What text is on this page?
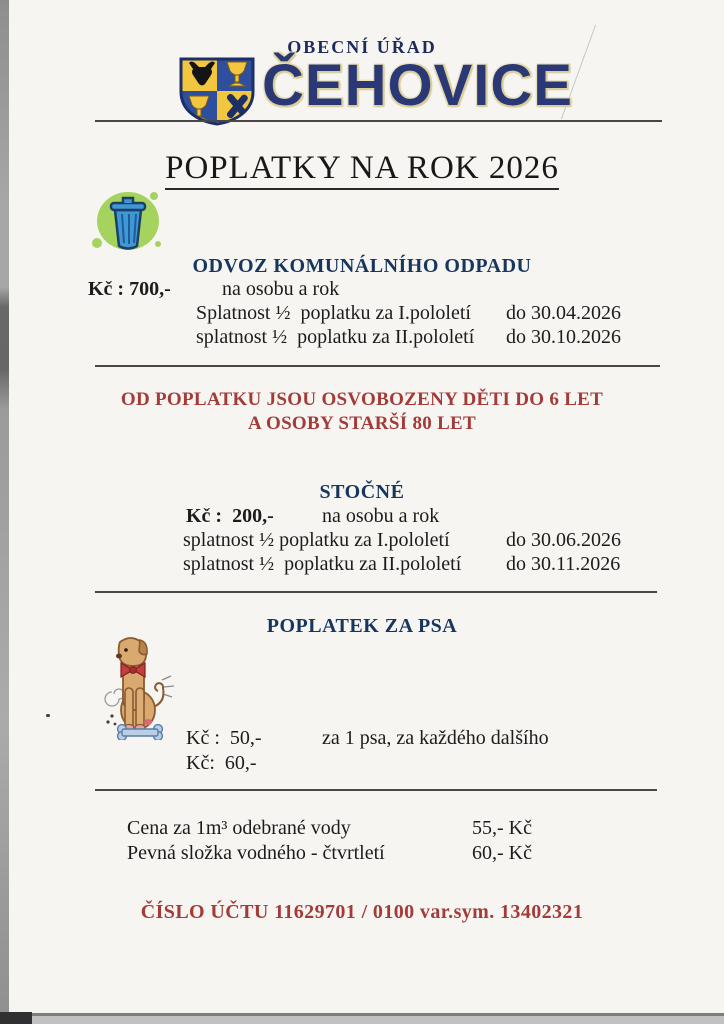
OBECNÍ ÚŘAD
ČEHOVICE
POPLATKY NA ROK 2026
ODVOZ KOMUNÁLNÍHO ODPADU
Kč : 700,-	na osobu a rok
Splatnost ½  poplatku za I.pololetí do 30.04.2026
splatnost ½  poplatku za II.pololetí do 30.10.2026
OD POPLATKU JSOU OSVOBOZENY DĚTI DO 6 LET
A OSOBY STARŠÍ 80 LET
STOČNÉ
Kč :  200,- na osobu a rok
splatnost ½ poplatku za I.pololetí	do 30.06.2026
splatnost ½  poplatku za II.pololetí do 30.11.2026
POPLATEK ZA PSA
Kč :  50,-	za 1 psa, za každého dalšího
Kč:  60,-
Cena za 1m³ odebrané vody	55,- Kč
Pevná složka vodného - čtvrtletí	60,- Kč
ČÍSLO ÚČTU 11629701 / 0100 var.sym. 13402321
